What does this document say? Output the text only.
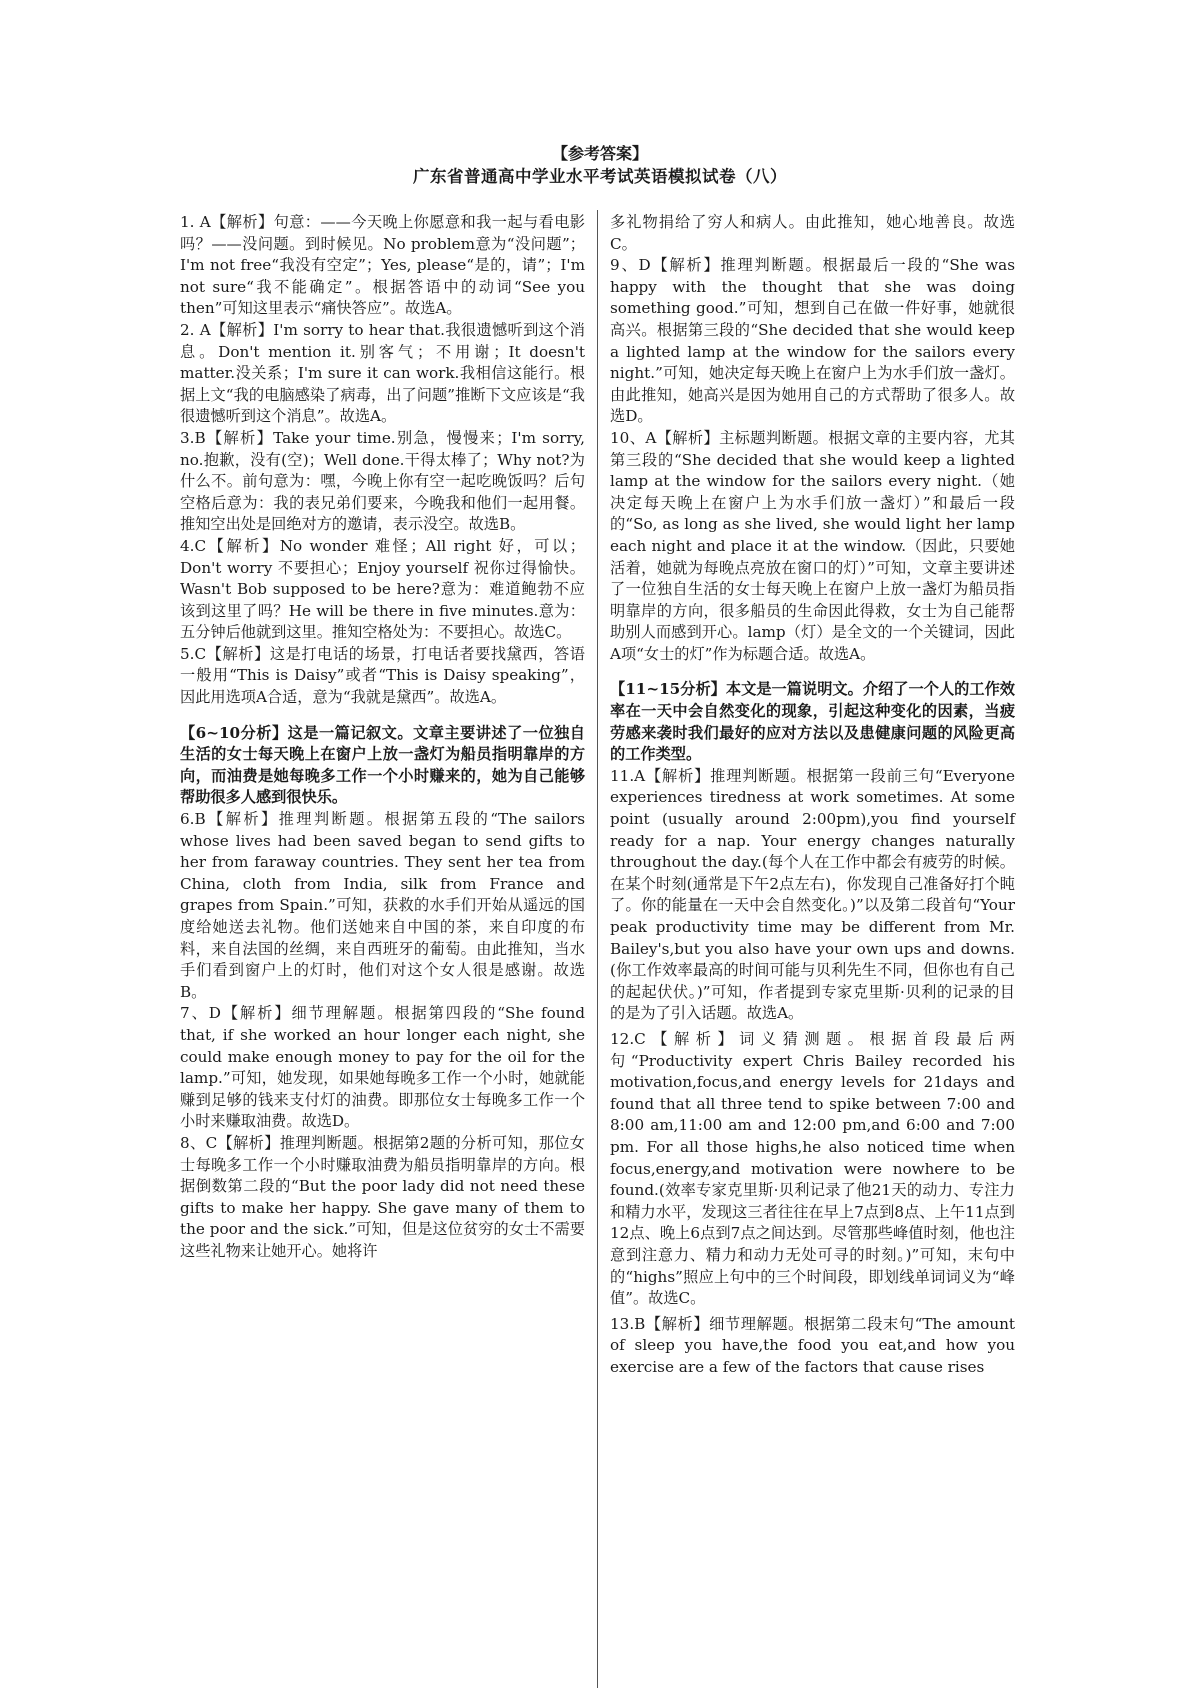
【参考答案】
广东省普通高中学业水平考试英语模拟试卷（八）

1. A【解析】句意：——今天晚上你愿意和我一起与看电影吗？——没问题。到时候见。No problem意为“没问题”；I'm not free“我没有空定”；Yes, please“是的，请”；I'm not sure“我不能确定”。根据答语中的动词“See you then”可知这里表示“痛快答应”。故选A。

2. A【解析】I'm sorry to hear that.我很遗憾听到这个消息。Don't mention it.别客气；不用谢；It doesn't matter.没关系；I'm sure it can work.我相信这能行。根据上文“我的电脑感染了病毒，出了问题”推断下文应该是“我很遗憾听到这个消息”。故选A。

3.B【解析】Take your time.别急，慢慢来；I'm sorry, no.抱歉，没有(空)；Well done.干得太棒了；Why not?为什么不。前句意为：嘿，今晚上你有空一起吃晚饭吗？后句空格后意为：我的表兄弟们要来，今晚我和他们一起用餐。推知空出处是回绝对方的邀请，表示没空。故选B。

4.C【解析】No wonder 难怪；All right 好，可以；Don't worry 不要担心；Enjoy yourself 祝你过得愉快。Wasn't Bob supposed to be here?意为：难道鲍勃不应该到这里了吗？He will be there in five minutes.意为：五分钟后他就到这里。推知空格处为：不要担心。故选C。

5.C【解析】这是打电话的场景，打电话者要找黛西，答语一般用“This is Daisy”或者“This is Daisy speaking”，因此用选项A合适，意为“我就是黛西”。故选A。

【6~10分析】这是一篇记叙文。文章主要讲述了一位独自生活的女士每天晚上在窗户上放一盏灯为船员指明靠岸的方向，而油费是她每晚多工作一个小时赚来的，她为自己能够帮助很多人感到很快乐。

6.B【解析】推理判断题。根据第五段的“The sailors whose lives had been saved began to send gifts to her from faraway countries. They sent her tea from China, cloth from India, silk from France and grapes from Spain.”可知，获救的水手们开始从遥远的国度给她送去礼物。他们送她来自中国的茶，来自印度的布料，来自法国的丝绸，来自西班牙的葡萄。由此推知，当水手们看到窗户上的灯时，他们对这个女人很是感谢。故选B。

7、D【解析】细节理解题。根据第四段的“She found that, if she worked an hour longer each night, she could make enough money to pay for the oil for the lamp.”可知，她发现，如果她每晚多工作一个小时，她就能赚到足够的钱来支付灯的油费。即那位女士每晚多工作一个小时来赚取油费。故选D。

8、C【解析】推理判断题。根据第2题的分析可知，那位女士每晚多工作一个小时赚取油费为船员指明靠岸的方向。根据倒数第二段的“But the poor lady did not need these gifts to make her happy. She gave many of them to the poor and the sick.”可知，但是这位贫穷的女士不需要这些礼物来让她开心。她将许

多礼物捐给了穷人和病人。由此推知，她心地善良。故选C。

9、D【解析】推理判断题。根据最后一段的“She was happy with the thought that she was doing something good.”可知，想到自己在做一件好事，她就很高兴。根据第三段的“She decided that she would keep a lighted lamp at the window for the sailors every night.”可知，她决定每天晚上在窗户上为水手们放一盏灯。由此推知，她高兴是因为她用自己的方式帮助了很多人。故选D。

10、A【解析】主标题判断题。根据文章的主要内容，尤其第三段的“She decided that she would keep a lighted lamp at the window for the sailors every night.（她决定每天晚上在窗户上为水手们放一盏灯）”和最后一段的“So, as long as she lived, she would light her lamp each night and place it at the window.（因此，只要她活着，她就为每晚点亮放在窗口的灯）”可知，文章主要讲述了一位独自生活的女士每天晚上在窗户上放一盏灯为船员指明靠岸的方向，很多船员的生命因此得救，女士为自己能帮助别人而感到开心。lamp（灯）是全文的一个关键词，因此A项“女士的灯”作为标题合适。故选A。

【11~15分析】本文是一篇说明文。介绍了一个人的工作效率在一天中会自然变化的现象，引起这种变化的因素，当疲劳感来袭时我们最好的应对方法以及患健康问题的风险更高的工作类型。

11.A【解析】推理判断题。根据第一段前三句“Everyone experiences tiredness at work sometimes. At some point (usually around 2:00pm),you find yourself ready for a nap. Your energy changes naturally throughout the day.(每个人在工作中都会有疲劳的时候。在某个时刻(通常是下午2点左右)，你发现自己准备好打个盹了。你的能量在一天中会自然变化。)”以及第二段首句“Your peak productivity time may be different from Mr. Bailey's,but you also have your own ups and downs.(你工作效率最高的时间可能与贝利先生不同，但你也有自己的起起伏伏。)”可知，作者提到专家克里斯·贝利的记录的目的是为了引入话题。故选A。

12.C【解析】词义猜测题。根据首段最后两句“Productivity expert Chris Bailey recorded his motivation,focus,and energy levels for 21days and found that all three tend to spike between 7:00 and 8:00 am,11:00 am and 12:00 pm,and 6:00 and 7:00 pm. For all those highs,he also noticed time when focus,energy,and motivation were nowhere to be found.(效率专家克里斯·贝利记录了他21天的动力、专注力和精力水平，发现这三者往往在早上7点到8点、上午11点到12点、晚上6点到7点之间达到。尽管那些峰值时刻，他也注意到注意力、精力和动力无处可寻的时刻。)”可知，末句中的“highs”照应上句中的三个时间段，即划线单词词义为“峰值”。故选C。

13.B【解析】细节理解题。根据第二段末句“The amount of sleep you have,the food you eat,and how you exercise are a few of the factors that cause rises
